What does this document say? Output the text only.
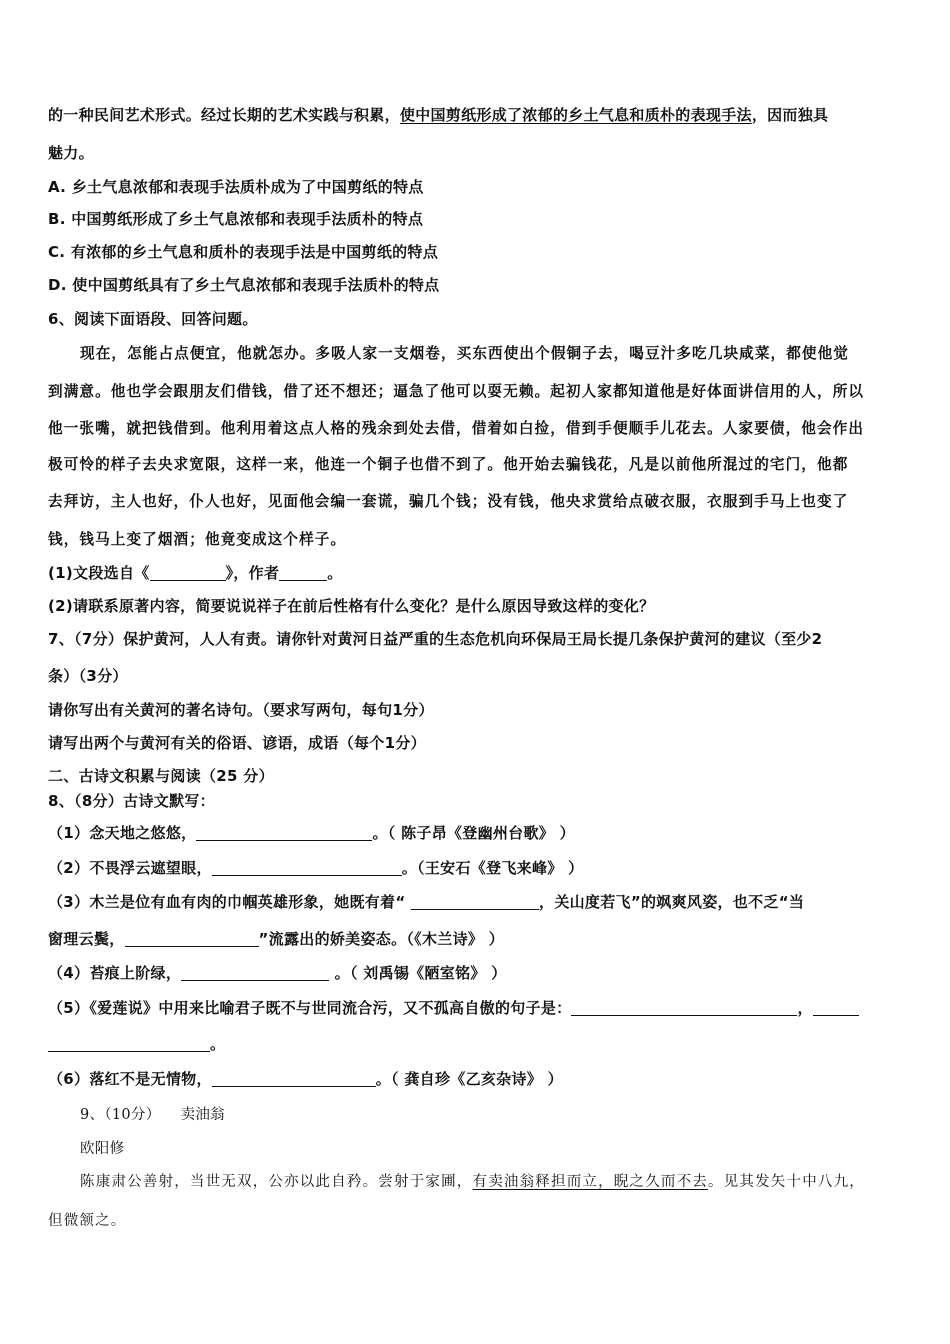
的一种民间艺术形式。经过长期的艺术实践与积累，使中国剪纸形成了浓郁的乡土气息和质朴的表现手法，因而独具
魅力。
A. 乡土气息浓郁和表现手法质朴成为了中国剪纸的特点
B. 中国剪纸形成了乡土气息浓郁和表现手法质朴的特点
C. 有浓郁的乡土气息和质朴的表现手法是中国剪纸的特点
D. 使中国剪纸具有了乡土气息浓郁和表现手法质朴的特点
6、阅读下面语段、回答问题。
现在，怎能占点便宜，他就怎办。多吸人家一支烟卷，买东西使出个假铜子去，喝豆汁多吃几块咸菜，都使他觉
到满意。他也学会跟朋友们借钱，借了还不想还；逼急了他可以耍无赖。起初人家都知道他是好体面讲信用的人，所以
他一张嘴，就把钱借到。他利用着这点人格的残余到处去借，借着如白捡，借到手便顺手儿花去。人家要债，他会作出
极可怜的样子去央求宽限，这样一来，他连一个铜子也借不到了。他开始去骗钱花，凡是以前他所混过的宅门，他都
去拜访，主人也好，仆人也好，见面他会编一套谎，骗几个钱；没有钱，他央求赏给点破衣服，衣服到手马上也变了
钱，钱马上变了烟酒；他竟变成这个样子。
(1)文段选自《	》，作者	。
(2)请联系原著内容，简要说说祥子在前后性格有什么变化？是什么原因导致这样的变化？
7、（7分）保护黄河，人人有责。请你针对黄河日益严重的生态危机向环保局王局长提几条保护黄河的建议（至少2
条）（3分）
请你写出有关黄河的著名诗句。（要求写两句，每句1分）
请写出两个与黄河有关的俗语、谚语，成语（每个1分）
二、古诗文积累与阅读（25 分）
8、（8分）古诗文默写：
（1）念天地之悠悠，	。（ 陈子昂《登幽州台歌》 ）
（2）不畏浮云遮望眼，	。（王安石《登飞来峰》 ）
（3）木兰是位有血有肉的巾帼英雄形象，她既有着“	，关山度若飞”的飒爽风姿，也不乏“当
窗理云鬓，	”流露出的娇美姿态。（《木兰诗》 ）
（4）苔痕上阶绿，	。（ 刘禹锡《陋室铭》 ）
（5）《爱莲说》中用来比喻君子既不与世同流合污，又不孤高自傲的句子是：	，
。
（6）落红不是无情物，	。（ 龚自珍《乙亥杂诗》 ）
9、（10分） 卖油翁
欧阳修
陈康肃公善射，当世无双，公亦以此自矜。尝射于家圃，有卖油翁释担而立，睨之久而不去。见其发矢十中八九，
但微颔之。
